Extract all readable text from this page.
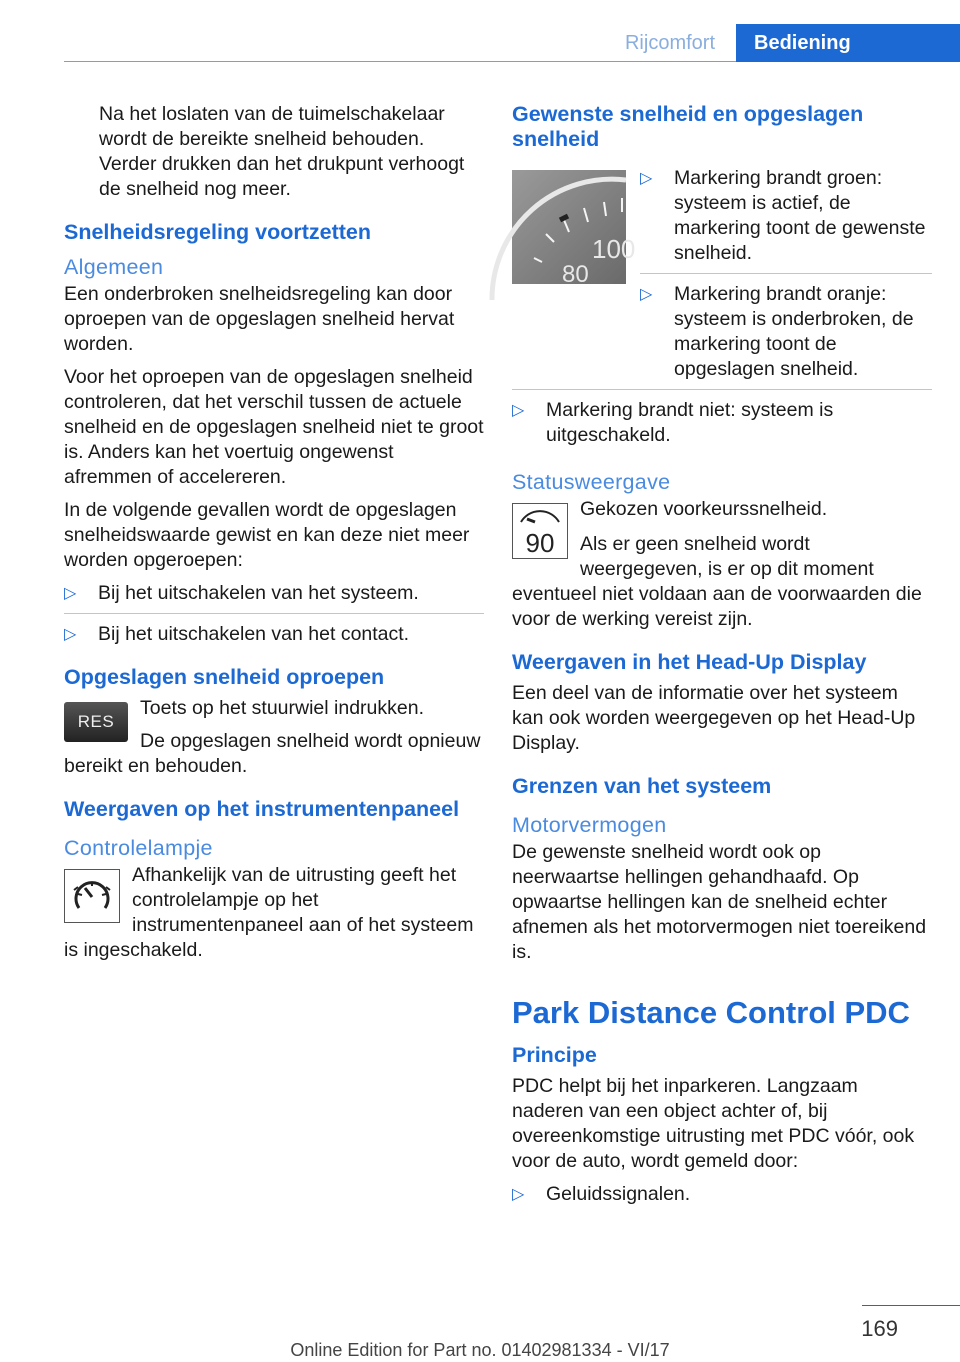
Rijcomfort	Bediening

Na het loslaten van de tuimelschakelaar wordt de bereikte snelheid behouden. Verder drukken dan het drukpunt verhoogt de snelheid nog meer.

Snelheidsregeling voortzetten
Algemeen

Een onderbroken snelheidsregeling kan door oproepen van de opgeslagen snelheid hervat worden.

Voor het oproepen van de opgeslagen snelheid controleren, dat het verschil tussen de actuele snelheid en de opgeslagen snelheid niet te groot is. Anders kan het voertuig ongewenst afremmen of accelereren.

In de volgende gevallen wordt de opgeslagen snelheidswaarde gewist en kan deze niet meer worden opgeroepen:

▷ Bij het uitschakelen van het systeem.
▷ Bij het uitschakelen van het contact.
Opgeslagen snelheid oproepen
RES

Toets op het stuurwiel indrukken.

De opgeslagen snelheid wordt opnieuw bereikt en behouden.

Weergaven op het instrumentenpaneel
Controlelampje

Afhankelijk van de uitrusting geeft het controlelampje op het instrumentenpaneel aan of het systeem is ingeschakeld.

Gewenste snelheid en opgeslagen snelheid
100
80
▷ Markering brandt groen: systeem is actief, de markering toont de gewenste snelheid.
▷ Markering brandt oranje: systeem is onderbroken, de markering toont de opgeslagen snelheid.
▷ Markering brandt niet: systeem is uitgeschakeld.
Statusweergave
90

Gekozen voorkeurssnelheid.

Als er geen snelheid wordt weergegeven, is er op dit moment eventueel niet voldaan aan de voorwaarden die voor de werking vereist zijn.

Weergaven in het Head-Up Display

Een deel van de informatie over het systeem kan ook worden weergegeven op het Head-Up Display.

Grenzen van het systeem
Motorvermogen

De gewenste snelheid wordt ook op neerwaartse hellingen gehandhaafd. Op opwaartse hellingen kan de snelheid echter afnemen als het motorvermogen niet toereikend is.

Park Distance Control PDC
Principe

PDC helpt bij het inparkeren. Langzaam naderen van een object achter of, bij overeenkomstige uitrusting met PDC vóór, ook voor de auto, wordt gemeld door:

▷ Geluidssignalen.
169
Online Edition for Part no. 01402981334 - VI/17
